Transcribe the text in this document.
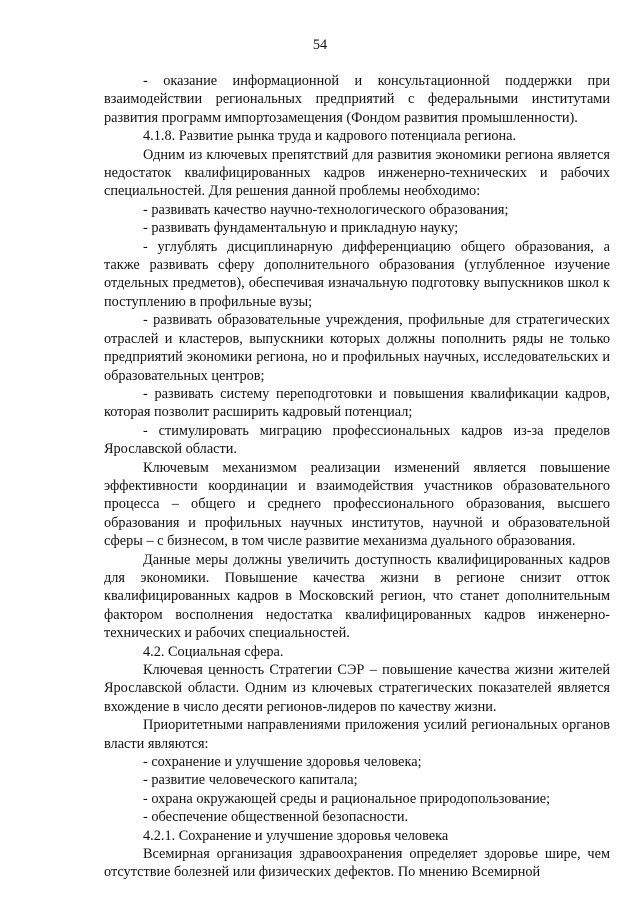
54

- оказание информационной и консультационной поддержки при взаимодействии региональных предприятий с федеральными институтами развития программ импортозамещения (Фондом развития промышленности).

4.1.8. Развитие рынка труда и кадрового потенциала региона.

Одним из ключевых препятствий для развития экономики региона является недостаток квалифицированных кадров инженерно-технических и рабочих специальностей. Для решения данной проблемы необходимо:

- развивать качество научно-технологического образования;

- развивать фундаментальную и прикладную науку;

- углублять дисциплинарную дифференциацию общего образования, а также развивать сферу дополнительного образования (углубленное изучение отдельных предметов), обеспечивая изначальную подготовку выпускников школ к поступлению в профильные вузы;

- развивать образовательные учреждения, профильные для стратегических отраслей и кластеров, выпускники которых должны пополнить ряды не только предприятий экономики региона, но и профильных научных, исследовательских и образовательных центров;

- развивать систему переподготовки и повышения квалификации кадров, которая позволит расширить кадровый потенциал;

- стимулировать миграцию профессиональных кадров из-за пределов Ярославской области.

Ключевым механизмом реализации изменений является повышение эффективности координации и взаимодействия участников образовательного процесса – общего и среднего профессионального образования, высшего образования и профильных научных институтов, научной и образовательной сферы – с бизнесом, в том числе развитие механизма дуального образования.

Данные меры должны увеличить доступность квалифицированных кадров для экономики. Повышение качества жизни в регионе снизит отток квалифицированных кадров в Московский регион, что станет дополнительным фактором восполнения недостатка квалифицированных кадров инженерно-технических и рабочих специальностей.

4.2. Социальная сфера.

Ключевая ценность Стратегии СЭР – повышение качества жизни жителей Ярославской области. Одним из ключевых стратегических показателей является вхождение в число десяти регионов-лидеров по качеству жизни.

Приоритетными направлениями приложения усилий региональных органов власти являются:

- сохранение и улучшение здоровья человека;

- развитие человеческого капитала;

- охрана окружающей среды и рациональное природопользование;

- обеспечение общественной безопасности.

4.2.1. Сохранение и улучшение здоровья человека

Всемирная организация здравоохранения определяет здоровье шире, чем отсутствие болезней или физических дефектов. По мнению Всемирной
